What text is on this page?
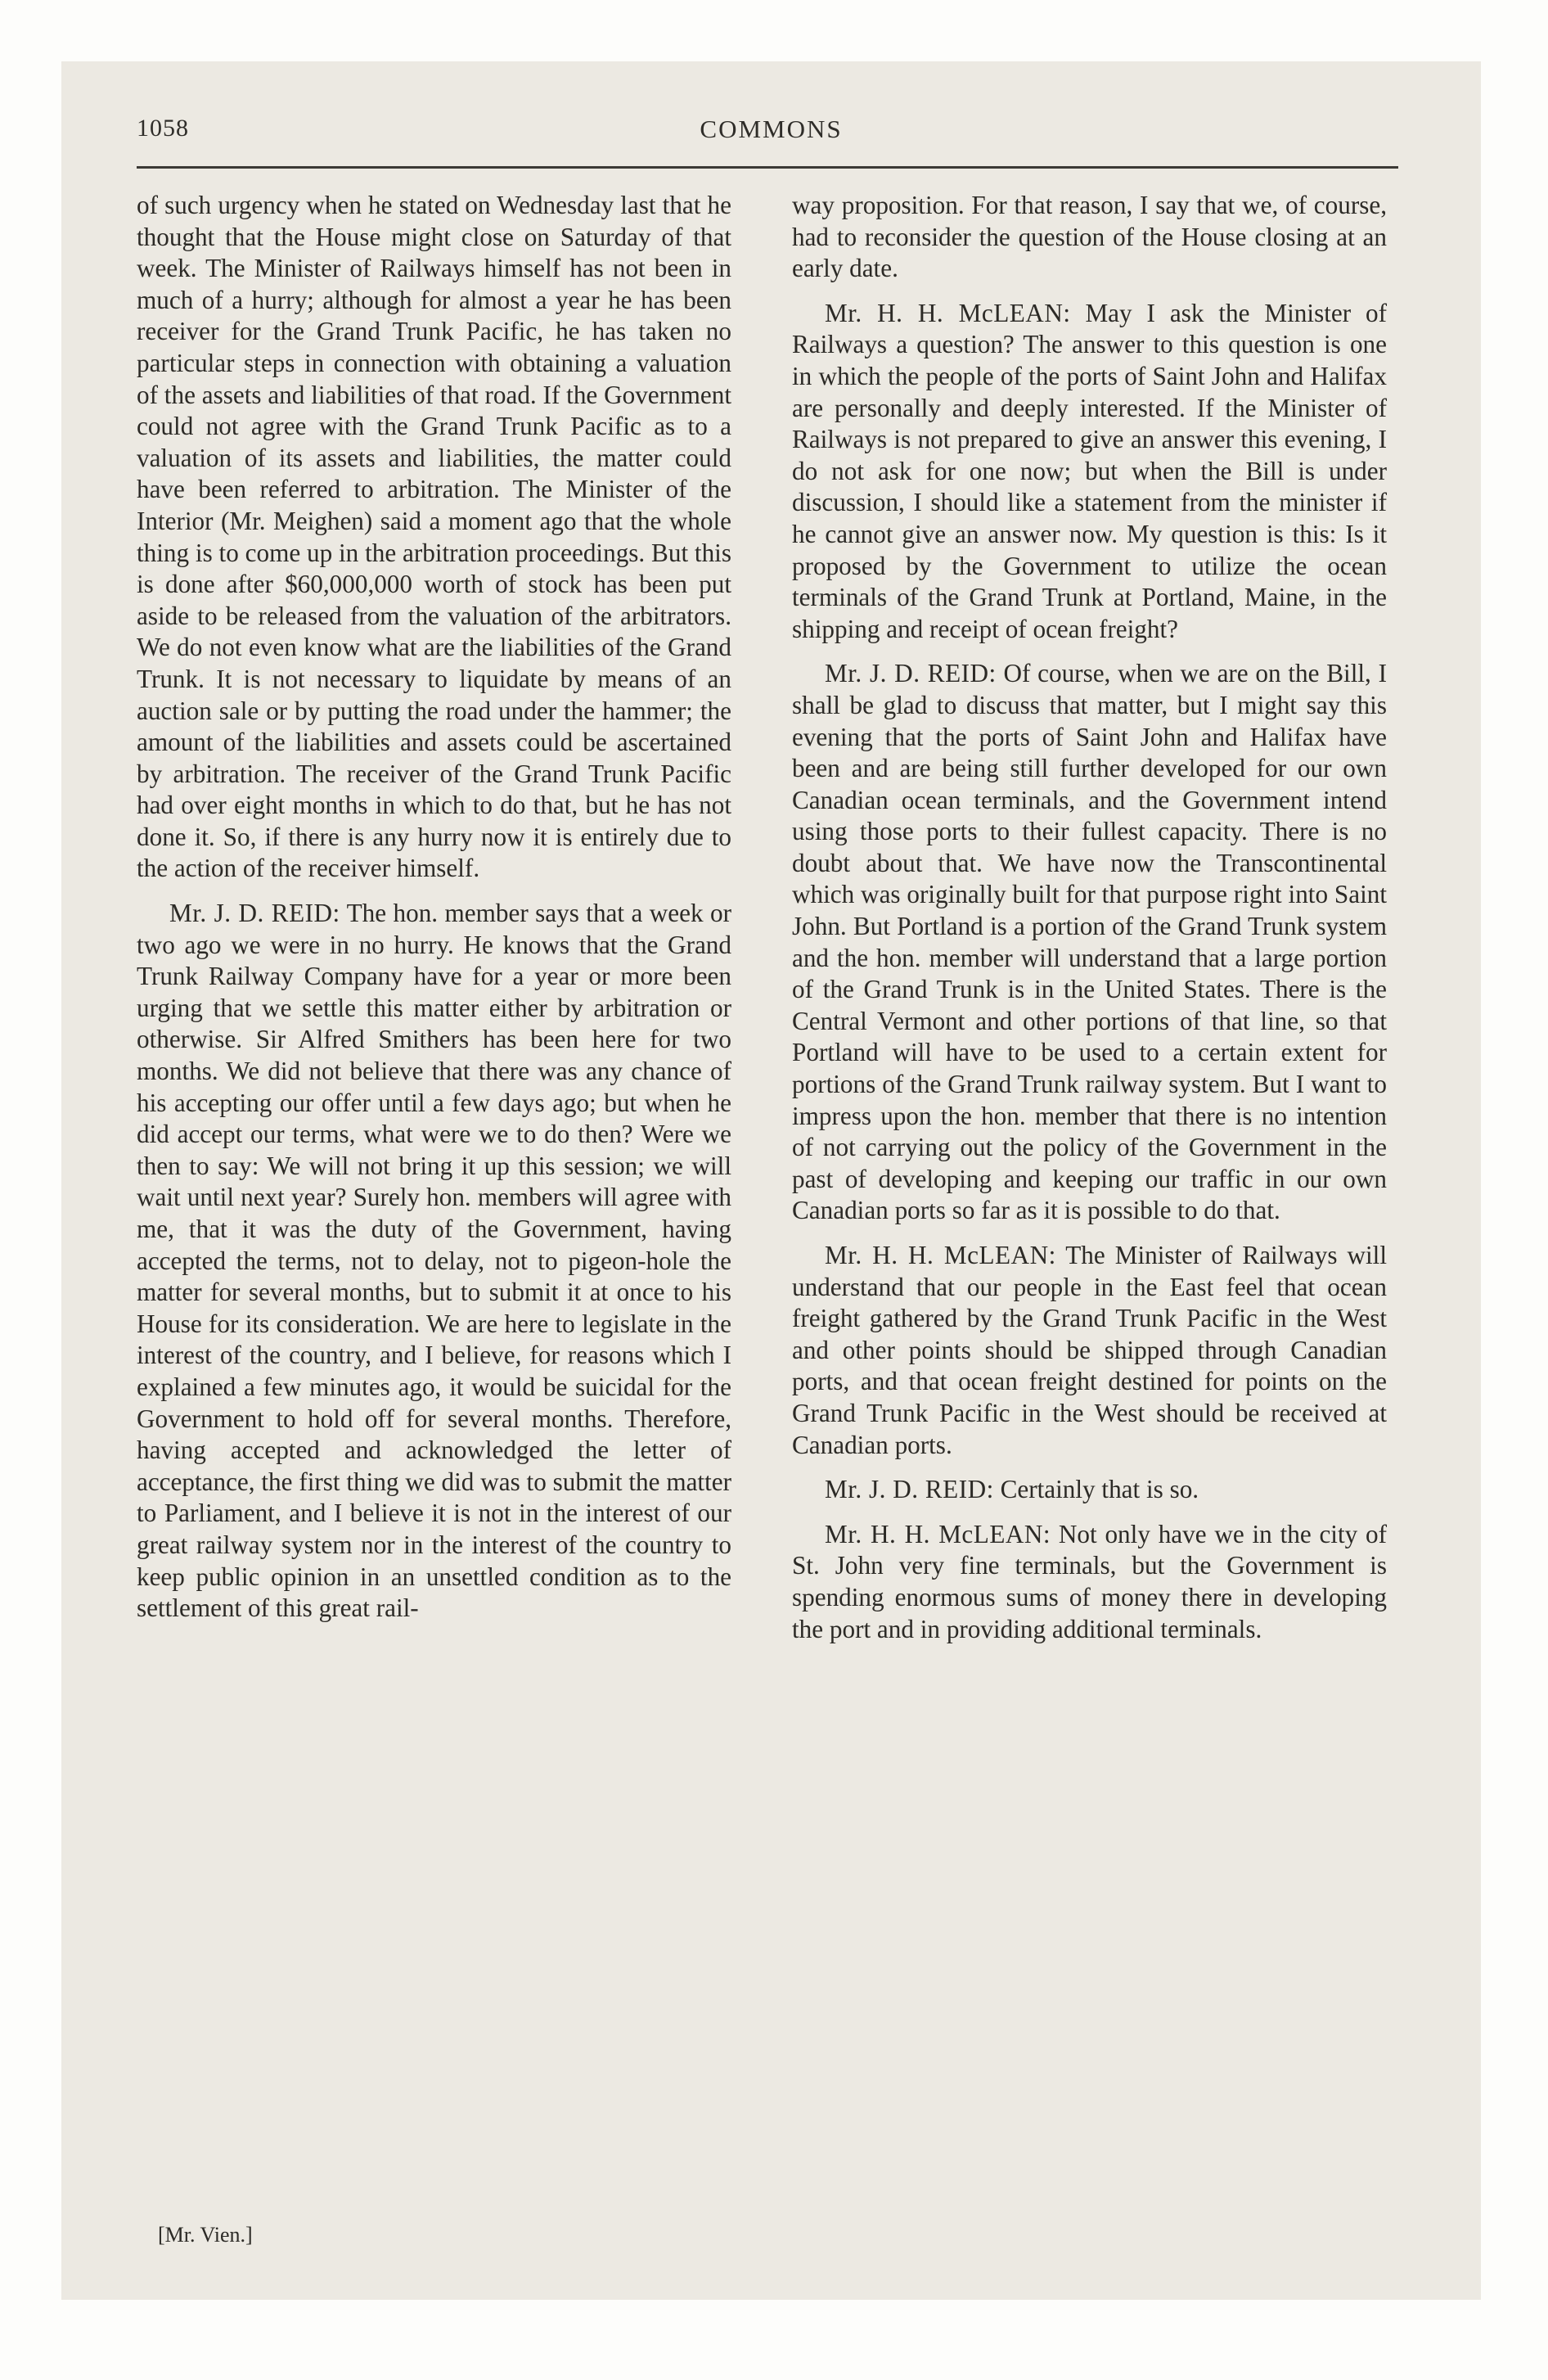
1058	COMMONS

of such urgency when he stated on Wednesday last that he thought that the House might close on Saturday of that week. The Minister of Railways himself has not been in much of a hurry; although for almost a year he has been receiver for the Grand Trunk Pacific, he has taken no particular steps in connection with obtaining a valuation of the assets and liabilities of that road. If the Government could not agree with the Grand Trunk Pacific as to a valuation of its assets and liabilities, the matter could have been referred to arbitration. The Minister of the Interior (Mr. Meighen) said a moment ago that the whole thing is to come up in the arbitration proceedings. But this is done after $60,000,000 worth of stock has been put aside to be released from the valuation of the arbitrators. We do not even know what are the liabilities of the Grand Trunk. It is not necessary to liquidate by means of an auction sale or by putting the road under the hammer; the amount of the liabilities and assets could be ascertained by arbitration. The receiver of the Grand Trunk Pacific had over eight months in which to do that, but he has not done it. So, if there is any hurry now it is entirely due to the action of the receiver himself.

Mr. J. D. REID: The hon. member says that a week or two ago we were in no hurry. He knows that the Grand Trunk Railway Company have for a year or more been urging that we settle this matter either by arbitration or otherwise. Sir Alfred Smithers has been here for two months. We did not believe that there was any chance of his accepting our offer until a few days ago; but when he did accept our terms, what were we to do then? Were we then to say: We will not bring it up this session; we will wait until next year? Surely hon. members will agree with me, that it was the duty of the Government, having accepted the terms, not to delay, not to pigeon-hole the matter for several months, but to submit it at once to his House for its consideration. We are here to legislate in the interest of the country, and I believe, for reasons which I explained a few minutes ago, it would be suicidal for the Government to hold off for several months. Therefore, having accepted and acknowledged the letter of acceptance, the first thing we did was to submit the matter to Parliament, and I believe it is not in the interest of our great railway system nor in the interest of the country to keep public opinion in an unsettled condition as to the settlement of this great rail-

way proposition. For that reason, I say that we, of course, had to reconsider the question of the House closing at an early date.

Mr. H. H. McLEAN: May I ask the Minister of Railways a question? The answer to this question is one in which the people of the ports of Saint John and Halifax are personally and deeply interested. If the Minister of Railways is not prepared to give an answer this evening, I do not ask for one now; but when the Bill is under discussion, I should like a statement from the minister if he cannot give an answer now. My question is this: Is it proposed by the Government to utilize the ocean terminals of the Grand Trunk at Portland, Maine, in the shipping and receipt of ocean freight?

Mr. J. D. REID: Of course, when we are on the Bill, I shall be glad to discuss that matter, but I might say this evening that the ports of Saint John and Halifax have been and are being still further developed for our own Canadian ocean terminals, and the Government intend using those ports to their fullest capacity. There is no doubt about that. We have now the Transcontinental which was originally built for that purpose right into Saint John. But Portland is a portion of the Grand Trunk system and the hon. member will understand that a large portion of the Grand Trunk is in the United States. There is the Central Vermont and other portions of that line, so that Portland will have to be used to a certain extent for portions of the Grand Trunk railway system. But I want to impress upon the hon. member that there is no intention of not carrying out the policy of the Government in the past of developing and keeping our traffic in our own Canadian ports so far as it is possible to do that.

Mr. H. H. McLEAN: The Minister of Railways will understand that our people in the East feel that ocean freight gathered by the Grand Trunk Pacific in the West and other points should be shipped through Canadian ports, and that ocean freight destined for points on the Grand Trunk Pacific in the West should be received at Canadian ports.

Mr. J. D. REID: Certainly that is so.

Mr. H. H. McLEAN: Not only have we in the city of St. John very fine terminals, but the Government is spending enormous sums of money there in developing the port and in providing additional terminals.

[Mr. Vien.]
